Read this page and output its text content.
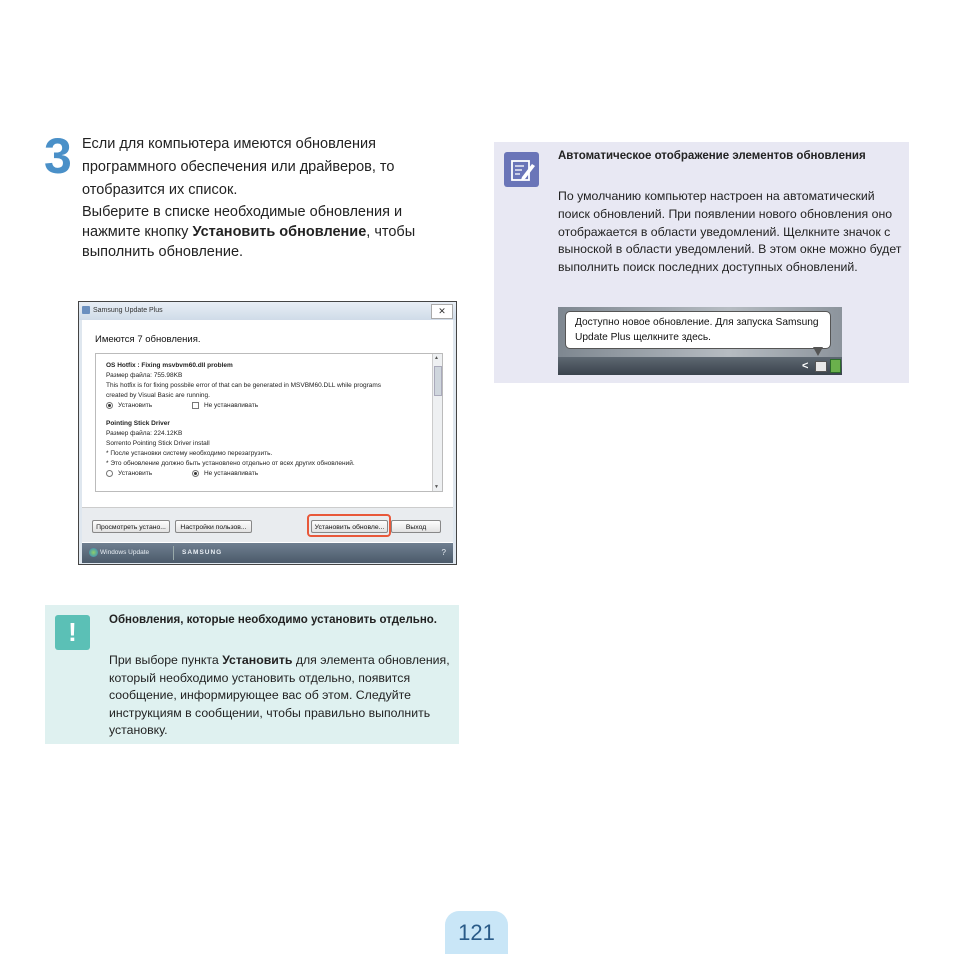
3 Если для компьютера имеются обновления

программного обеспечения или драйверов, то

отобразится их список.

Выберите в списке необходимые обновления и

нажмите кнопку Установить обновление, чтобы

выполнить обновление.

Samsung Update Plus	✕
Имеются 7 обновления.
OS Hotfix : Fixing msvbvm60.dll problem
Размер файла: 755.98KB
This hotfix is for fixing possbile error of that can be generated in MSVBM60.DLL while programs
created by Visual Basic are running.
Установить	Не устанавливать
Pointing Stick Driver
Размер файла: 224.12KB
Sorrento Pointing Stick Driver install
* После установки систему необходимо перезагрузить.
* Это обновление должно быть установлено отдельно от всех других обновлений.
Установить	Не устанавливать
▲
▼
Просмотреть устано...	Настройки пользов...	Установить обновле...	Выход
Windows Update	SAMSUNG	?
!	Обновления, которые необходимо установить отдельно.
При выборе пункта Установить для элемента обновления, который необходимо установить отдельно, появится сообщение, информирующее вас об этом. Следуйте инструкциям в сообщении, чтобы правильно выполнить установку.
Автоматическое отображение элементов обновления
По умолчанию компьютер настроен на автоматический поиск обновлений. При появлении нового обновления оно отображается в области уведомлений. Щелкните значок с выноской в области уведомлений. В этом окне можно будет выполнить поиск последних доступных обновлений.
Доступно новое обновление. Для запуска Samsung
Update Plus щелкните здесь.
<
121
